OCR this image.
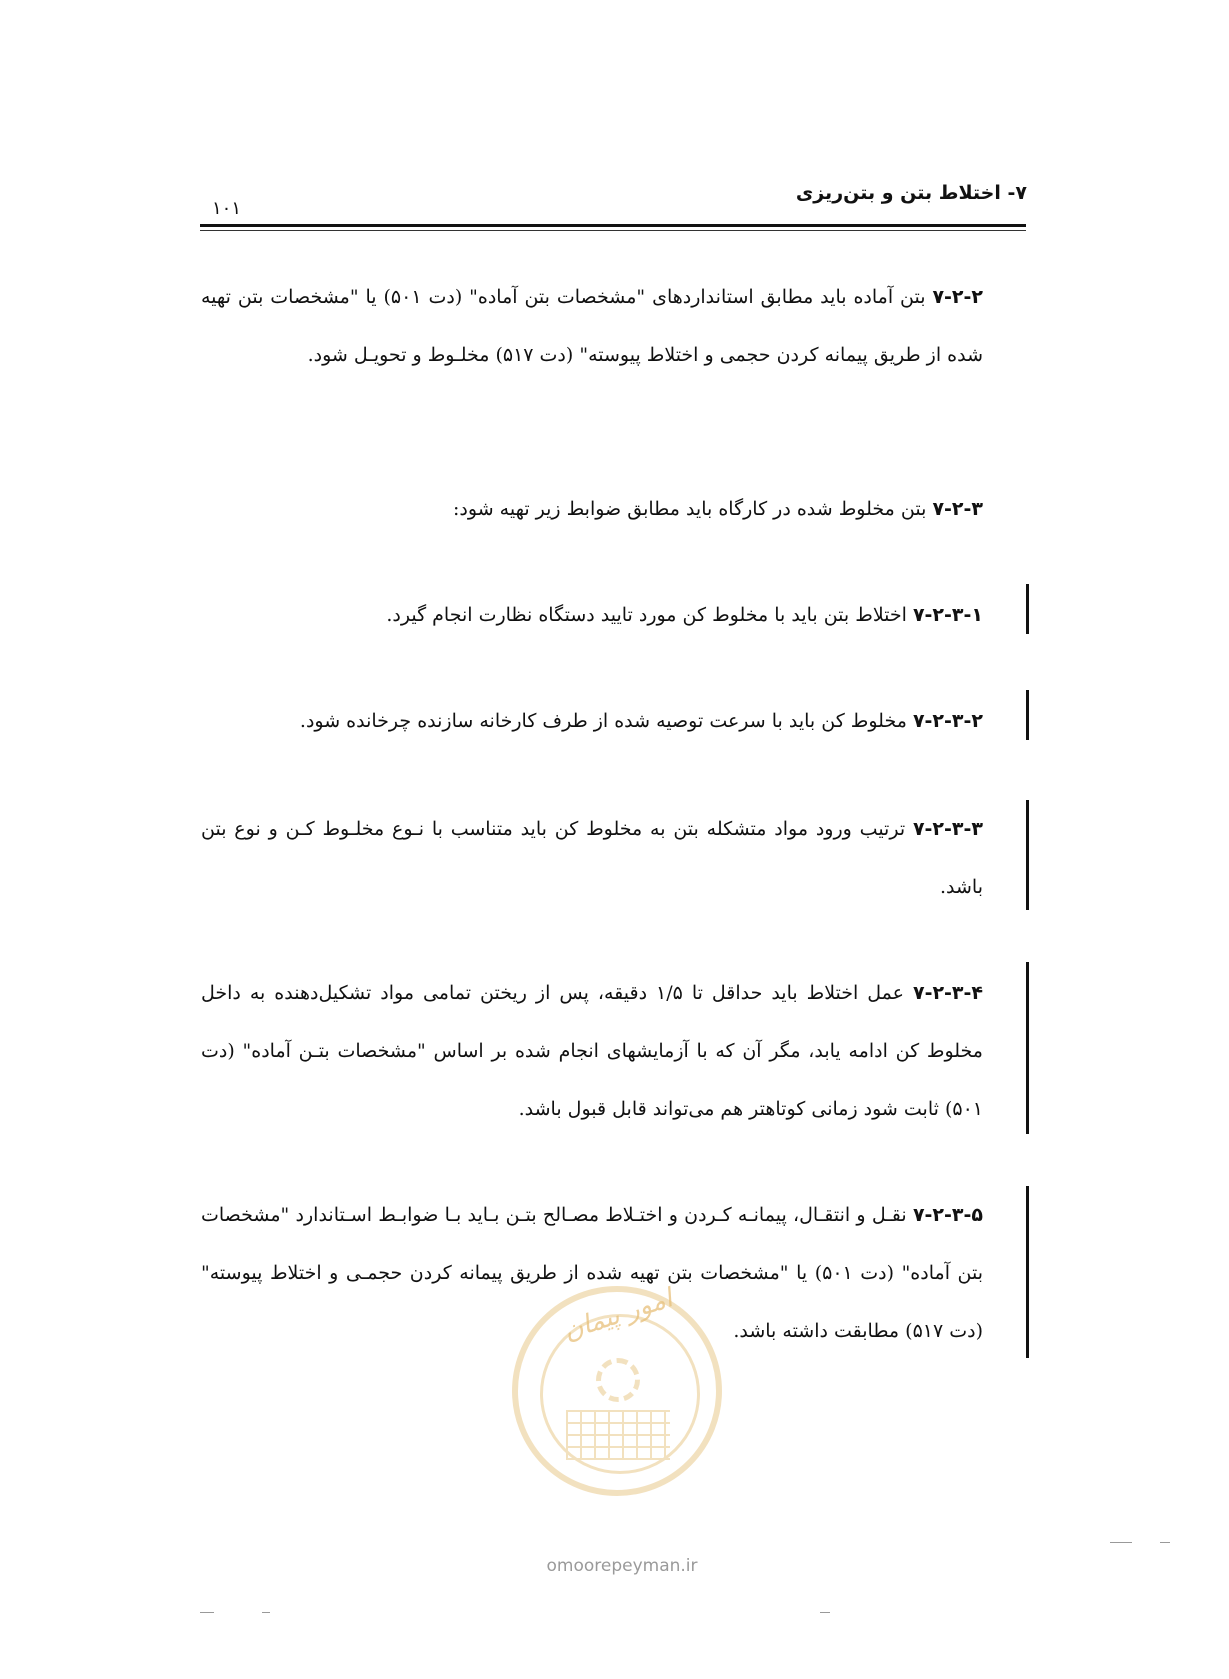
۷- اختلاط بتن و بتن‌ریزی
۱۰۱
۷-۲-۲ بتن آماده باید مطابق استانداردهای "مشخصات بتن آماده" (دت ۵۰۱) یا "مشخصات بتن تهیه شده از طریق پیمانه کردن حجمی و اختلاط پیوسته" (دت ۵۱۷) مخلـوط و تحویـل شود.
۷-۲-۳ بتن مخلوط شده در کارگاه باید مطابق ضوابط زیر تهیه شود:
۷-۲-۳-۱ اختلاط بتن باید با مخلوط کن مورد تایید دستگاه نظارت انجام گیرد.
۷-۲-۳-۲ مخلوط کن باید با سرعت توصیه شده از طرف کارخانه سازنده چرخانده شود.
۷-۲-۳-۳ ترتیب ورود مواد متشکله بتن به مخلوط کن باید متناسب با نـوع مخلـوط کـن و نوع بتن باشد.
۷-۲-۳-۴ عمل اختلاط باید حداقل تا ۱/۵ دقیقه، پس از ریختن تمامی مواد تشکیل‌دهنده به داخل مخلوط کن ادامه یابد، مگر آن که با آزمایشهای انجام شده بر اساس "مشخصات بتـن آماده" (دت ۵۰۱) ثابت شود زمانی کوتاهتر هم می‌تواند قابل قبول باشد.
۷-۲-۳-۵ نقـل و انتقـال، پیمانـه کـردن و اختـلاط مصـالح بتـن بـاید بـا ضوابـط اسـتاندارد "مشخصات بتن آماده" (دت ۵۰۱) یا "مشخصات بتن تهیه شده از طریق پیمانه کردن حجمـی و اختلاط پیوسته" (دت ۵۱۷) مطابقت داشته باشد.
امور پیمان
omoorepeyman.ir
